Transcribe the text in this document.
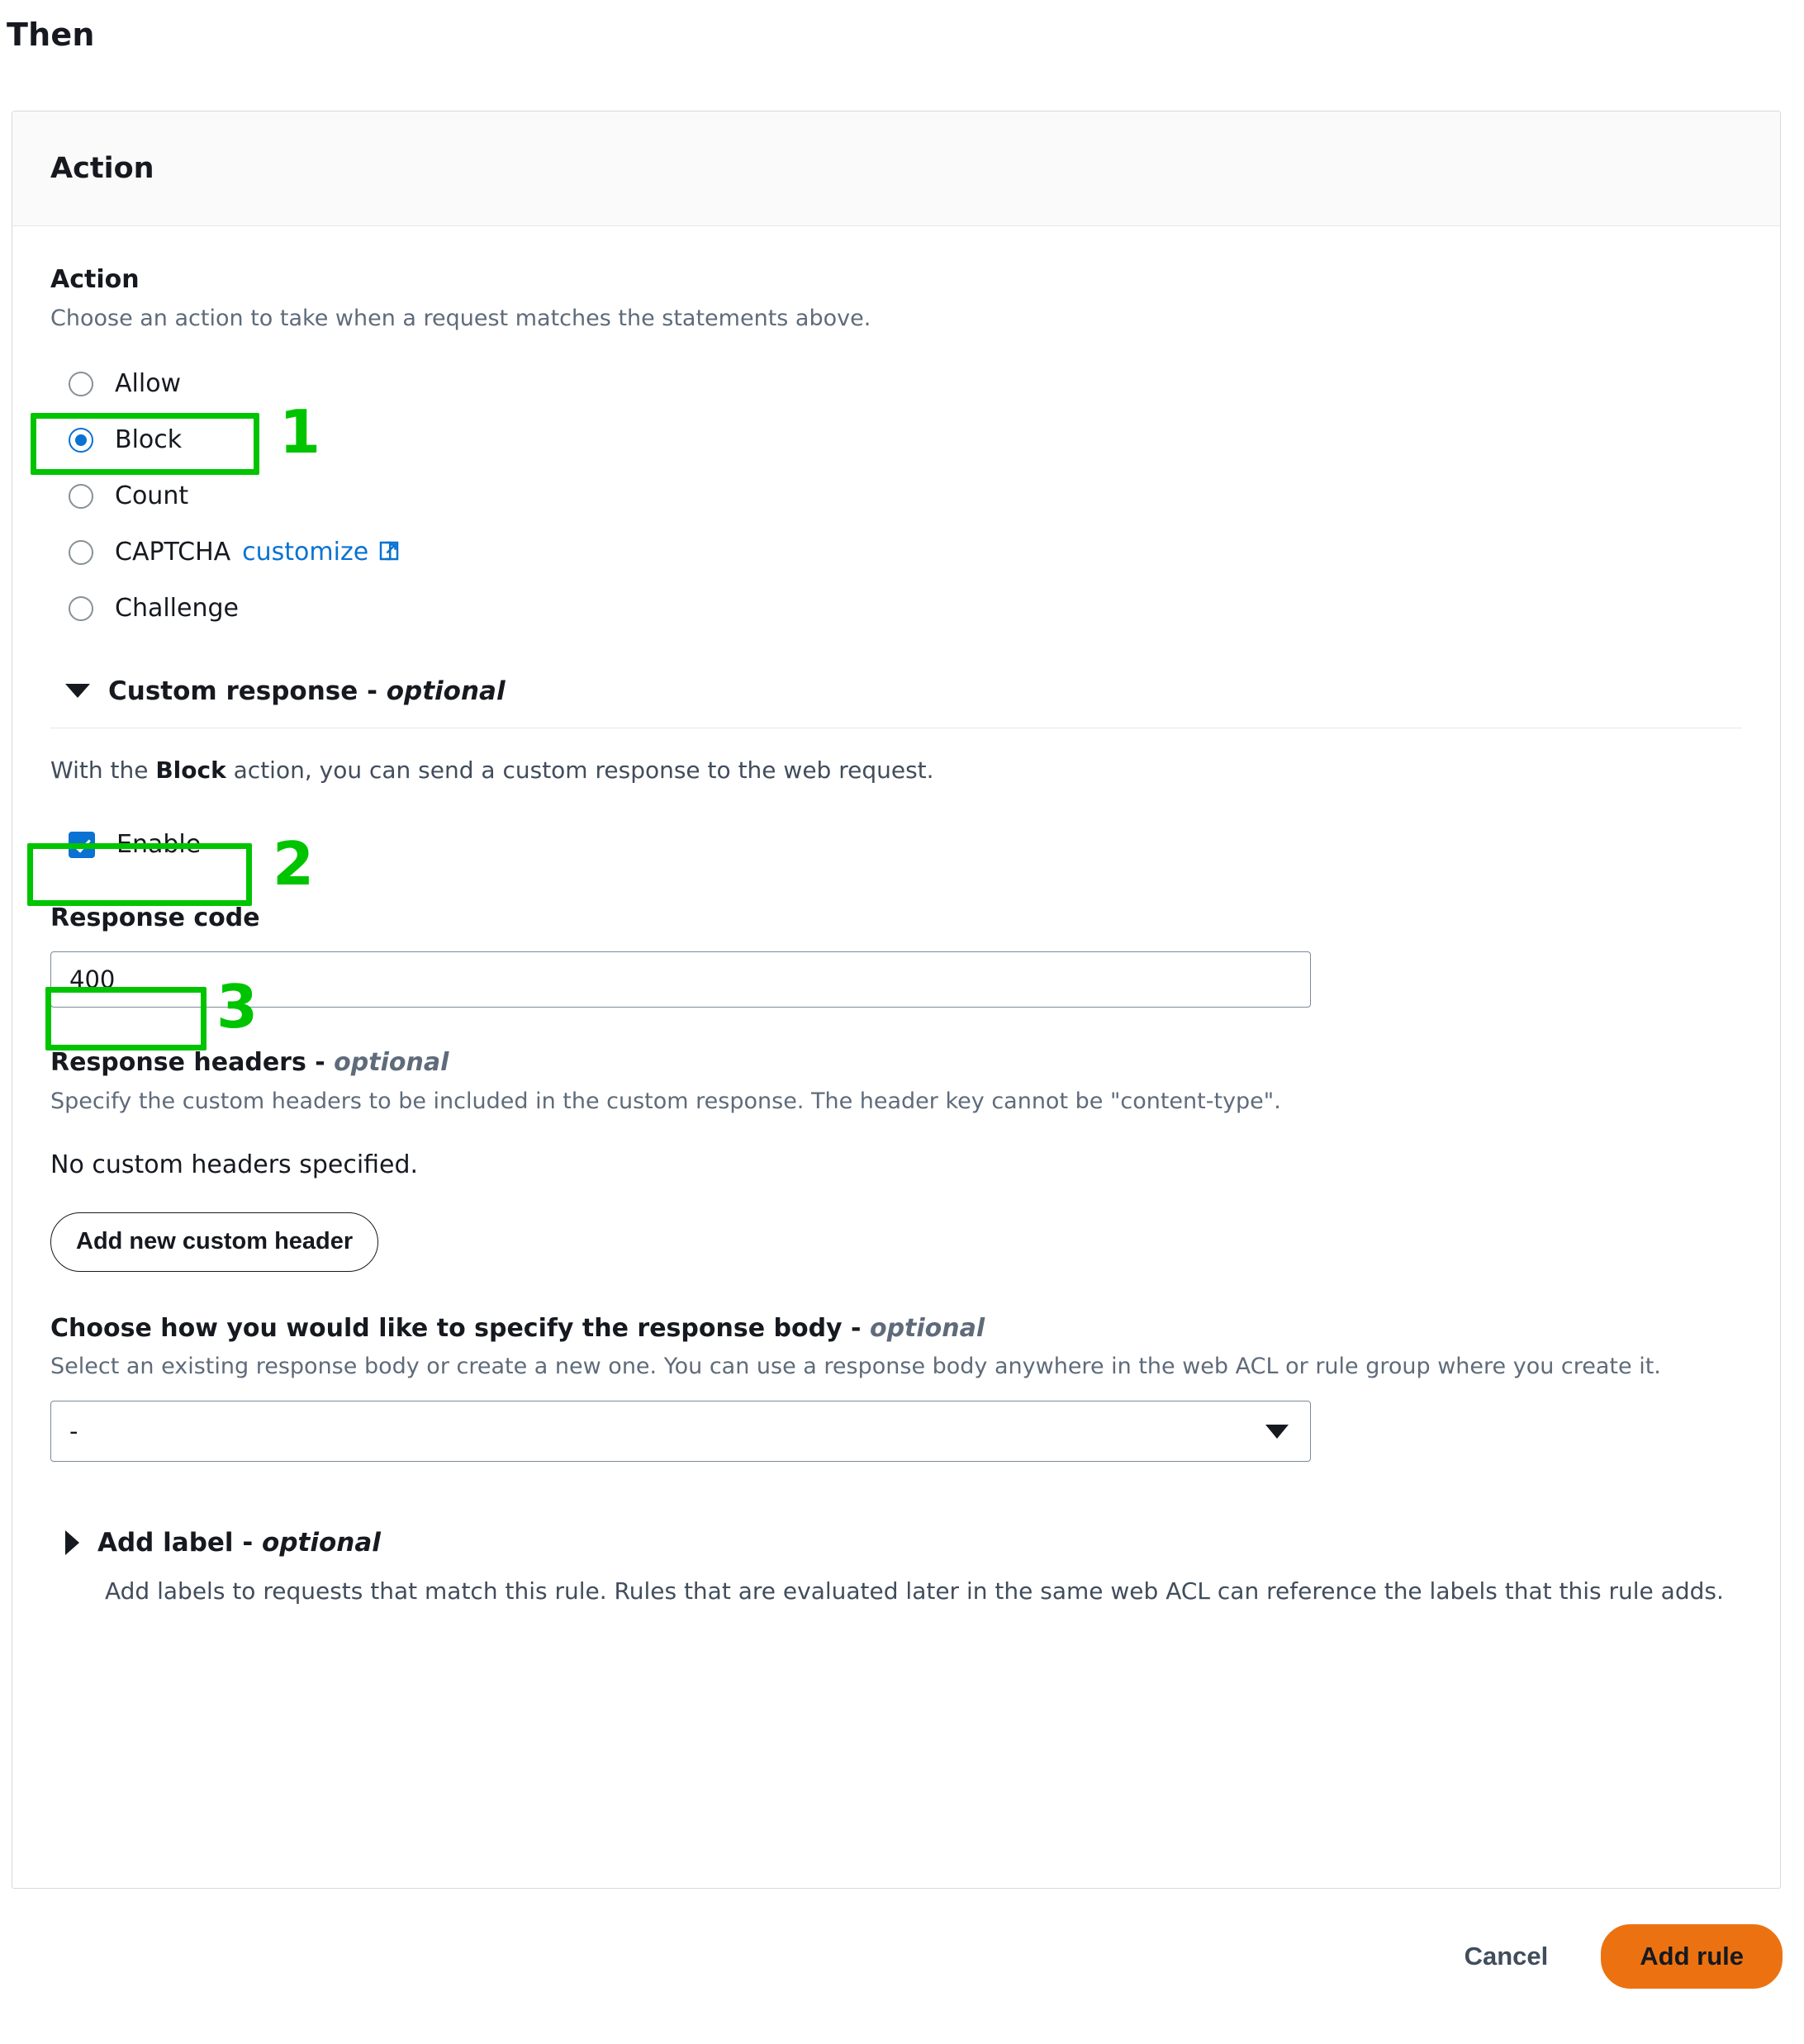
Then
Action
Action
Choose an action to take when a request matches the statements above.
Allow
Block
Count
CAPTCHA customize
Challenge
Custom response - optional
With the Block action, you can send a custom response to the web request.
Enable
Response code
400
Response headers - optional
Specify the custom headers to be included in the custom response. The header key cannot be "content-type".
No custom headers specified.
Add new custom header
Choose how you would like to specify the response body - optional
Select an existing response body or create a new one. You can use a response body anywhere in the web ACL or rule group where you create it.
-
Add label - optional
Add labels to requests that match this rule. Rules that are evaluated later in the same web ACL can reference the labels that this rule adds.
Cancel	Add rule
1
2
3
